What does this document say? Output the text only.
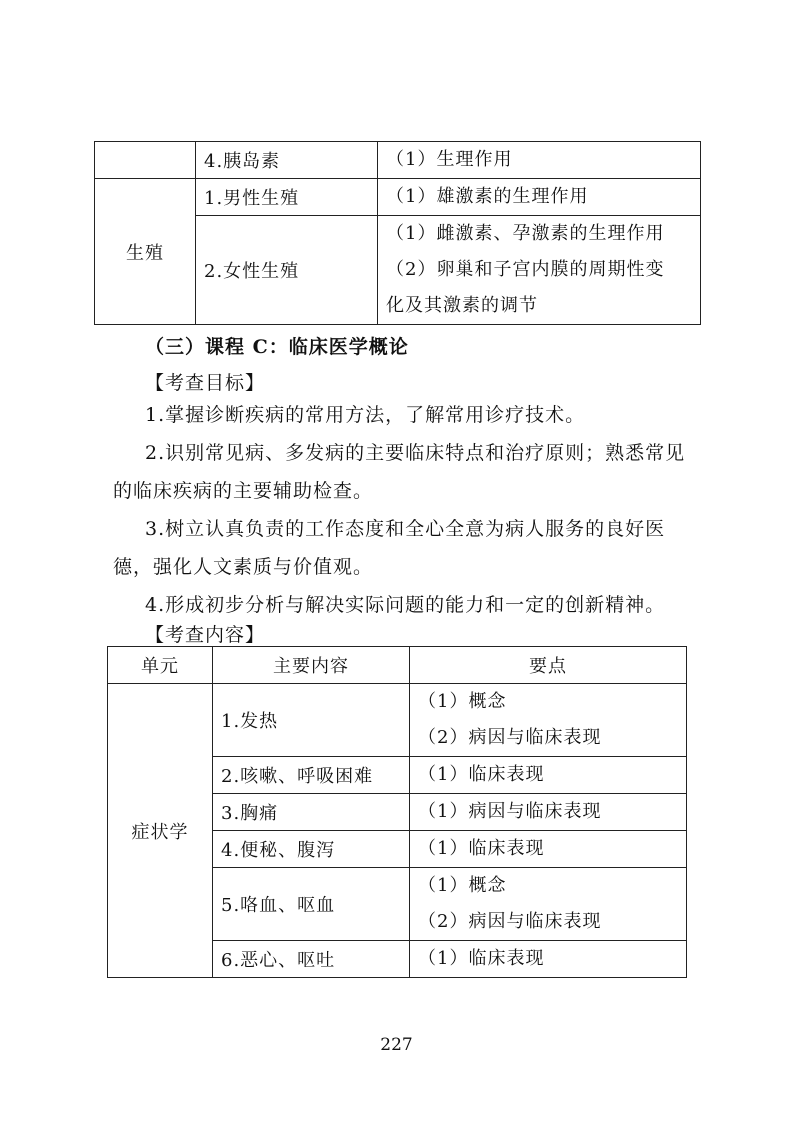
	4.胰岛素	（1）生理作用

生殖	1.男性生殖	（1）雄激素的生理作用

	2.女性生殖	（1）雌激素、孕激素的生理作用
（2）卵巢和子宫内膜的周期性变
化及其激素的调节
（三）课程 C：临床医学概论
【考查目标】
1.掌握诊断疾病的常用方法，了解常用诊疗技术。
2.识别常见病、多发病的主要临床特点和治疗原则；熟悉常见的临床疾病的主要辅助检查。
3.树立认真负责的工作态度和全心全意为病人服务的良好医德，强化人文素质与价值观。
4.形成初步分析与解决实际问题的能力和一定的创新精神。
【考查内容】
单元	主要内容	要点
症状学	1.发热	（1）概念
（2）病因与临床表现

	2.咳嗽、呼吸困难	（1）临床表现

	3.胸痛	（1）病因与临床表现

	4.便秘、腹泻	（1）临床表现

	5.咯血、呕血	（1）概念
（2）病因与临床表现

	6.恶心、呕吐	（1）临床表现
227
